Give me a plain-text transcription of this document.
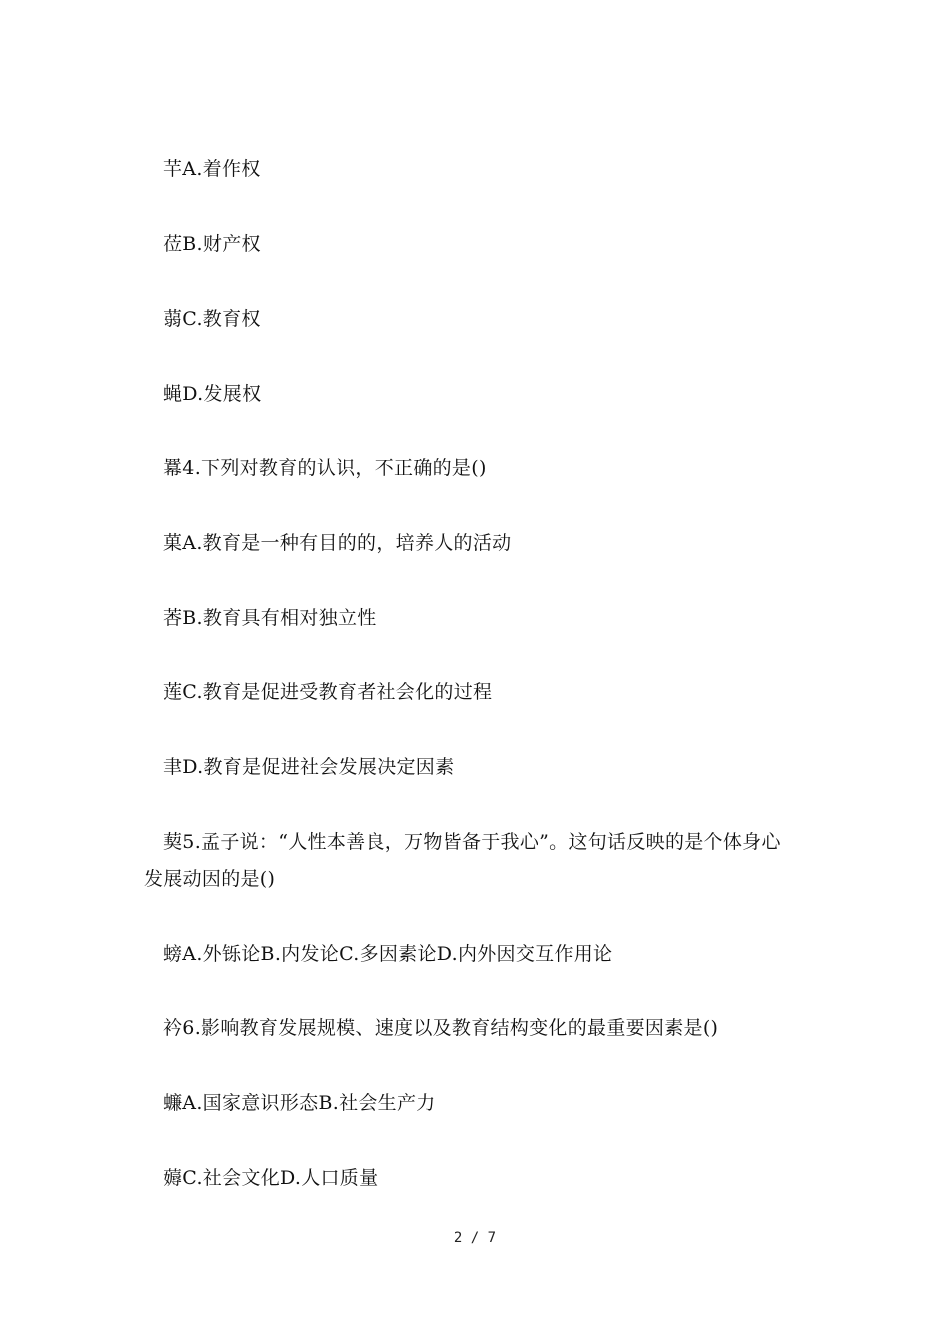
芉A.着作权
莅B.财产权
蒻C.教育权
蝇D.发展权
羃4.下列对教育的认识，不正确的是()
菓A.教育是一种有目的的，培养人的活动
莕B.教育具有相对独立性
莲C.教育是促进受教育者社会化的过程
聿D.教育是促进社会发展决定因素
葜5.孟子说：“人性本善良，万物皆备于我心”。这句话反映的是个体身心
发展动因的是()
螃A.外铄论B.内发论C.多因素论D.内外因交互作用论
衿6.影响教育发展规模、速度以及教育结构变化的最重要因素是()
蠊A.国家意识形态B.社会生产力
薅C.社会文化D.人口质量
2 / 7
